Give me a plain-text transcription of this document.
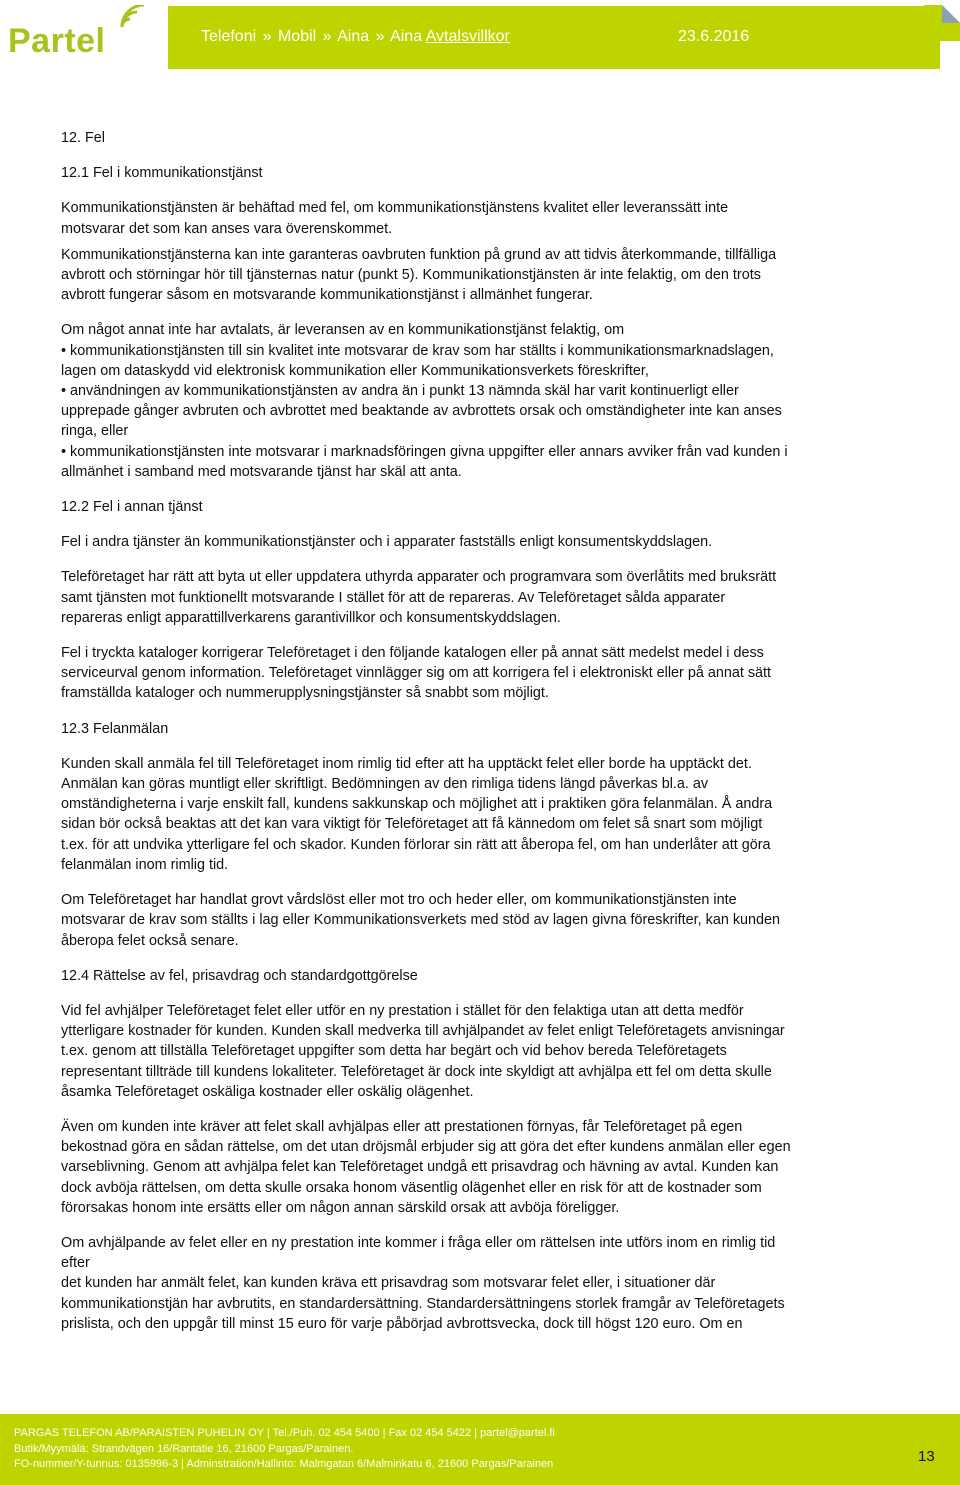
Partel	Telefoni » Mobil » Aina » Aina Avtalsvillkor	23.6.2016
12. Fel
12.1 Fel i kommunikationstjänst

Kommunikationstjänsten är behäftad med fel, om kommunikationstjänstens kvalitet eller leveranssätt inte
motsvarar det som kan anses vara överenskommet.

Kommunikationstjänsterna kan inte garanteras oavbruten funktion på grund av att tidvis återkommande, tillfälliga
avbrott och störningar hör till tjänsternas natur (punkt 5). Kommunikationstjänsten är inte felaktig, om den trots
avbrott fungerar såsom en motsvarande kommunikationstjänst i allmänhet fungerar.

Om något annat inte har avtalats, är leveransen av en kommunikationstjänst felaktig, om
• kommunikationstjänsten till sin kvalitet inte motsvarar de krav som har ställts i kommunikationsmarknadslagen,
lagen om dataskydd vid elektronisk kommunikation eller Kommunikationsverkets föreskrifter,
• användningen av kommunikationstjänsten av andra än i punkt 13 nämnda skäl har varit kontinuerligt eller
upprepade gånger avbruten och avbrottet med beaktande av avbrottets orsak och omständigheter inte kan anses
ringa, eller
• kommunikationstjänsten inte motsvarar i marknadsföringen givna uppgifter eller annars avviker från vad kunden i
allmänhet i samband med motsvarande tjänst har skäl att anta.

12.2 Fel i annan tjänst

Fel i andra tjänster än kommunikationstjänster och i apparater fastställs enligt konsumentskyddslagen.

Teleföretaget har rätt att byta ut eller uppdatera uthyrda apparater och programvara som överlåtits med bruksrätt
samt tjänsten mot funktionellt motsvarande I stället för att de repareras. Av Teleföretaget sålda apparater
repareras enligt apparattillverkarens garantivillkor och konsumentskyddslagen.

Fel i tryckta kataloger korrigerar Teleföretaget i den följande katalogen eller på annat sätt medelst medel i dess
serviceurval genom information. Teleföretaget vinnlägger sig om att korrigera fel i elektroniskt eller på annat sätt
framställda kataloger och nummerupplysningstjänster så snabbt som möjligt.

12.3 Felanmälan

Kunden skall anmäla fel till Teleföretaget inom rimlig tid efter att ha upptäckt felet eller borde ha upptäckt det.
Anmälan kan göras muntligt eller skriftligt. Bedömningen av den rimliga tidens längd påverkas bl.a. av
omständigheterna i varje enskilt fall, kundens sakkunskap och möjlighet att i praktiken göra felanmälan. Å andra
sidan bör också beaktas att det kan vara viktigt för Teleföretaget att få kännedom om felet så snart som möjligt
t.ex. för att undvika ytterligare fel och skador. Kunden förlorar sin rätt att åberopa fel, om han underlåter att göra
felanmälan inom rimlig tid.

Om Teleföretaget har handlat grovt vårdslöst eller mot tro och heder eller, om kommunikationstjänsten inte
motsvarar de krav som ställts i lag eller Kommunikationsverkets med stöd av lagen givna föreskrifter, kan kunden
åberopa felet också senare.

12.4 Rättelse av fel, prisavdrag och standardgottgörelse

Vid fel avhjälper Teleföretaget felet eller utför en ny prestation i stället för den felaktiga utan att detta medför
ytterligare kostnader för kunden. Kunden skall medverka till avhjälpandet av felet enligt Teleföretagets anvisningar
t.ex. genom att tillställa Teleföretaget uppgifter som detta har begärt och vid behov bereda Teleföretagets
representant tillträde till kundens lokaliteter. Teleföretaget är dock inte skyldigt att avhjälpa ett fel om detta skulle
åsamka Teleföretaget oskäliga kostnader eller oskälig olägenhet.

Även om kunden inte kräver att felet skall avhjälpas eller att prestationen förnyas, får Teleföretaget på egen
bekostnad göra en sådan rättelse, om det utan dröjsmål erbjuder sig att göra det efter kundens anmälan eller egen
varseblivning. Genom att avhjälpa felet kan Teleföretaget undgå ett prisavdrag och hävning av avtal. Kunden kan
dock avböja rättelsen, om detta skulle orsaka honom väsentlig olägenhet eller en risk för att de kostnader som
förorsakas honom inte ersätts eller om någon annan särskild orsak att avböja föreligger.

Om avhjälpande av felet eller en ny prestation inte kommer i fråga eller om rättelsen inte utförs inom en rimlig tid
efter
det kunden har anmält felet, kan kunden kräva ett prisavdrag som motsvarar felet eller, i situationer där
kommunikationstjän har avbrutits, en standardersättning. Standardersättningens storlek framgår av Teleföretagets
prislista, och den uppgår till minst 15 euro för varje påbörjad avbrottsvecka, dock till högst 120 euro. Om en

PARGAS TELEFON AB/PARAISTEN PUHELIN OY | Tel./Puh. 02 454 5400 | Fax 02 454 5422 | partel@partel.fi
Butik/Myymälä: Strandvägen 16/Rantatie 16, 21600 Pargas/Parainen.
FO-nummer/Y-tunnus: 0135996-3 | Adminstration/Hallinto: Malmgatan 6/Malminkatu 6, 21600 Pargas/Parainen	13
